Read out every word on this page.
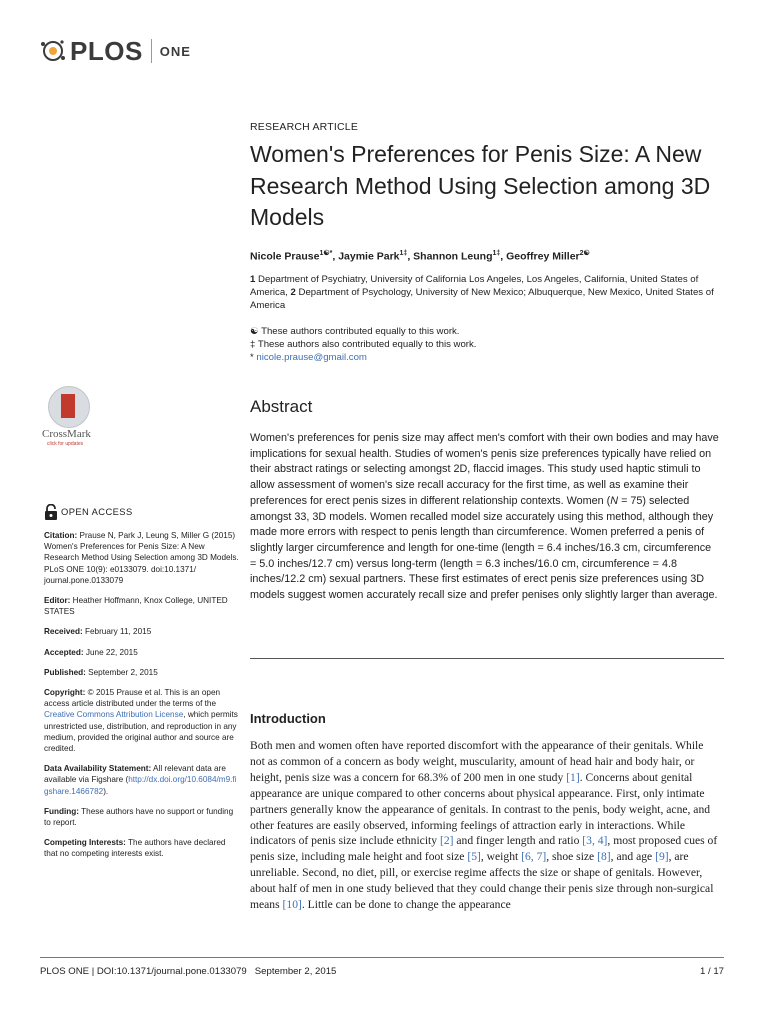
PLOS ONE
RESEARCH ARTICLE
Women's Preferences for Penis Size: A New Research Method Using Selection among 3D Models
Nicole Prause$^{1☯*}$, Jaymie Park$^{1\ddagger}$, Shannon Leung$^{1\ddagger}$, Geoffrey Miller$^{2☯}$
1 Department of Psychiatry, University of California Los Angeles, Los Angeles, California, United States of America, 2 Department of Psychology, University of New Mexico; Albuquerque, New Mexico, United States of America
☯ These authors contributed equally to this work.
‡ These authors also contributed equally to this work.
* nicole.prause@gmail.com
CrossMark
click for updates
OPEN ACCESS
Citation: Prause N, Park J, Leung S, Miller G (2015) Women's Preferences for Penis Size: A New Research Method Using Selection among 3D Models. PLoS ONE 10(9): e0133079. doi:10.1371/ journal.pone.0133079
Editor: Heather Hoffmann, Knox College, UNITED STATES
Received: February 11, 2015
Accepted: June 22, 2015
Published: September 2, 2015
Copyright: © 2015 Prause et al. This is an open access article distributed under the terms of the Creative Commons Attribution License, which permits unrestricted use, distribution, and reproduction in any medium, provided the original author and source are credited.
Data Availability Statement: All relevant data are available via Figshare (http://dx.doi.org/10.6084/m9.figshare.1466782).
Funding: These authors have no support or funding to report.
Competing Interests: The authors have declared that no competing interests exist.
Abstract
Women's preferences for penis size may affect men's comfort with their own bodies and may have implications for sexual health. Studies of women's penis size preferences typically have relied on their abstract ratings or selecting amongst 2D, flaccid images. This study used haptic stimuli to allow assessment of women's size recall accuracy for the first time, as well as examine their preferences for erect penis sizes in different relationship contexts. Women (N = 75) selected amongst 33, 3D models. Women recalled model size accurately using this method, although they made more errors with respect to penis length than circumference. Women preferred a penis of slightly larger circumference and length for one-time (length = 6.4 inches/16.3 cm, circumference = 5.0 inches/12.7 cm) versus long-term (length = 6.3 inches/16.0 cm, circumference = 4.8 inches/12.2 cm) sexual partners. These first estimates of erect penis size preferences using 3D models suggest women accurately recall size and prefer penises only slightly larger than average.
Introduction
Both men and women often have reported discomfort with the appearance of their genitals. While not as common of a concern as body weight, muscularity, amount of head hair and body hair, or height, penis size was a concern for 68.3% of 200 men in one study [1]. Concerns about genital appearance are unique compared to other concerns about physical appearance. First, only intimate partners generally know the appearance of genitals. In contrast to the penis, body weight, acne, and other features are easily observed, informing feelings of attraction early in interactions. While indicators of penis size include ethnicity [2] and finger length and ratio [3, 4], most proposed cues of penis size, including male height and foot size [5], weight [6, 7], shoe size [8], and age [9], are unreliable. Second, no diet, pill, or exercise regime affects the size or shape of genitals. However, about half of men in one study believed that they could change their penis size through non-surgical means [10]. Little can be done to change the appearance
PLOS ONE | DOI:10.1371/journal.pone.0133079   September 2, 2015	1 / 17
